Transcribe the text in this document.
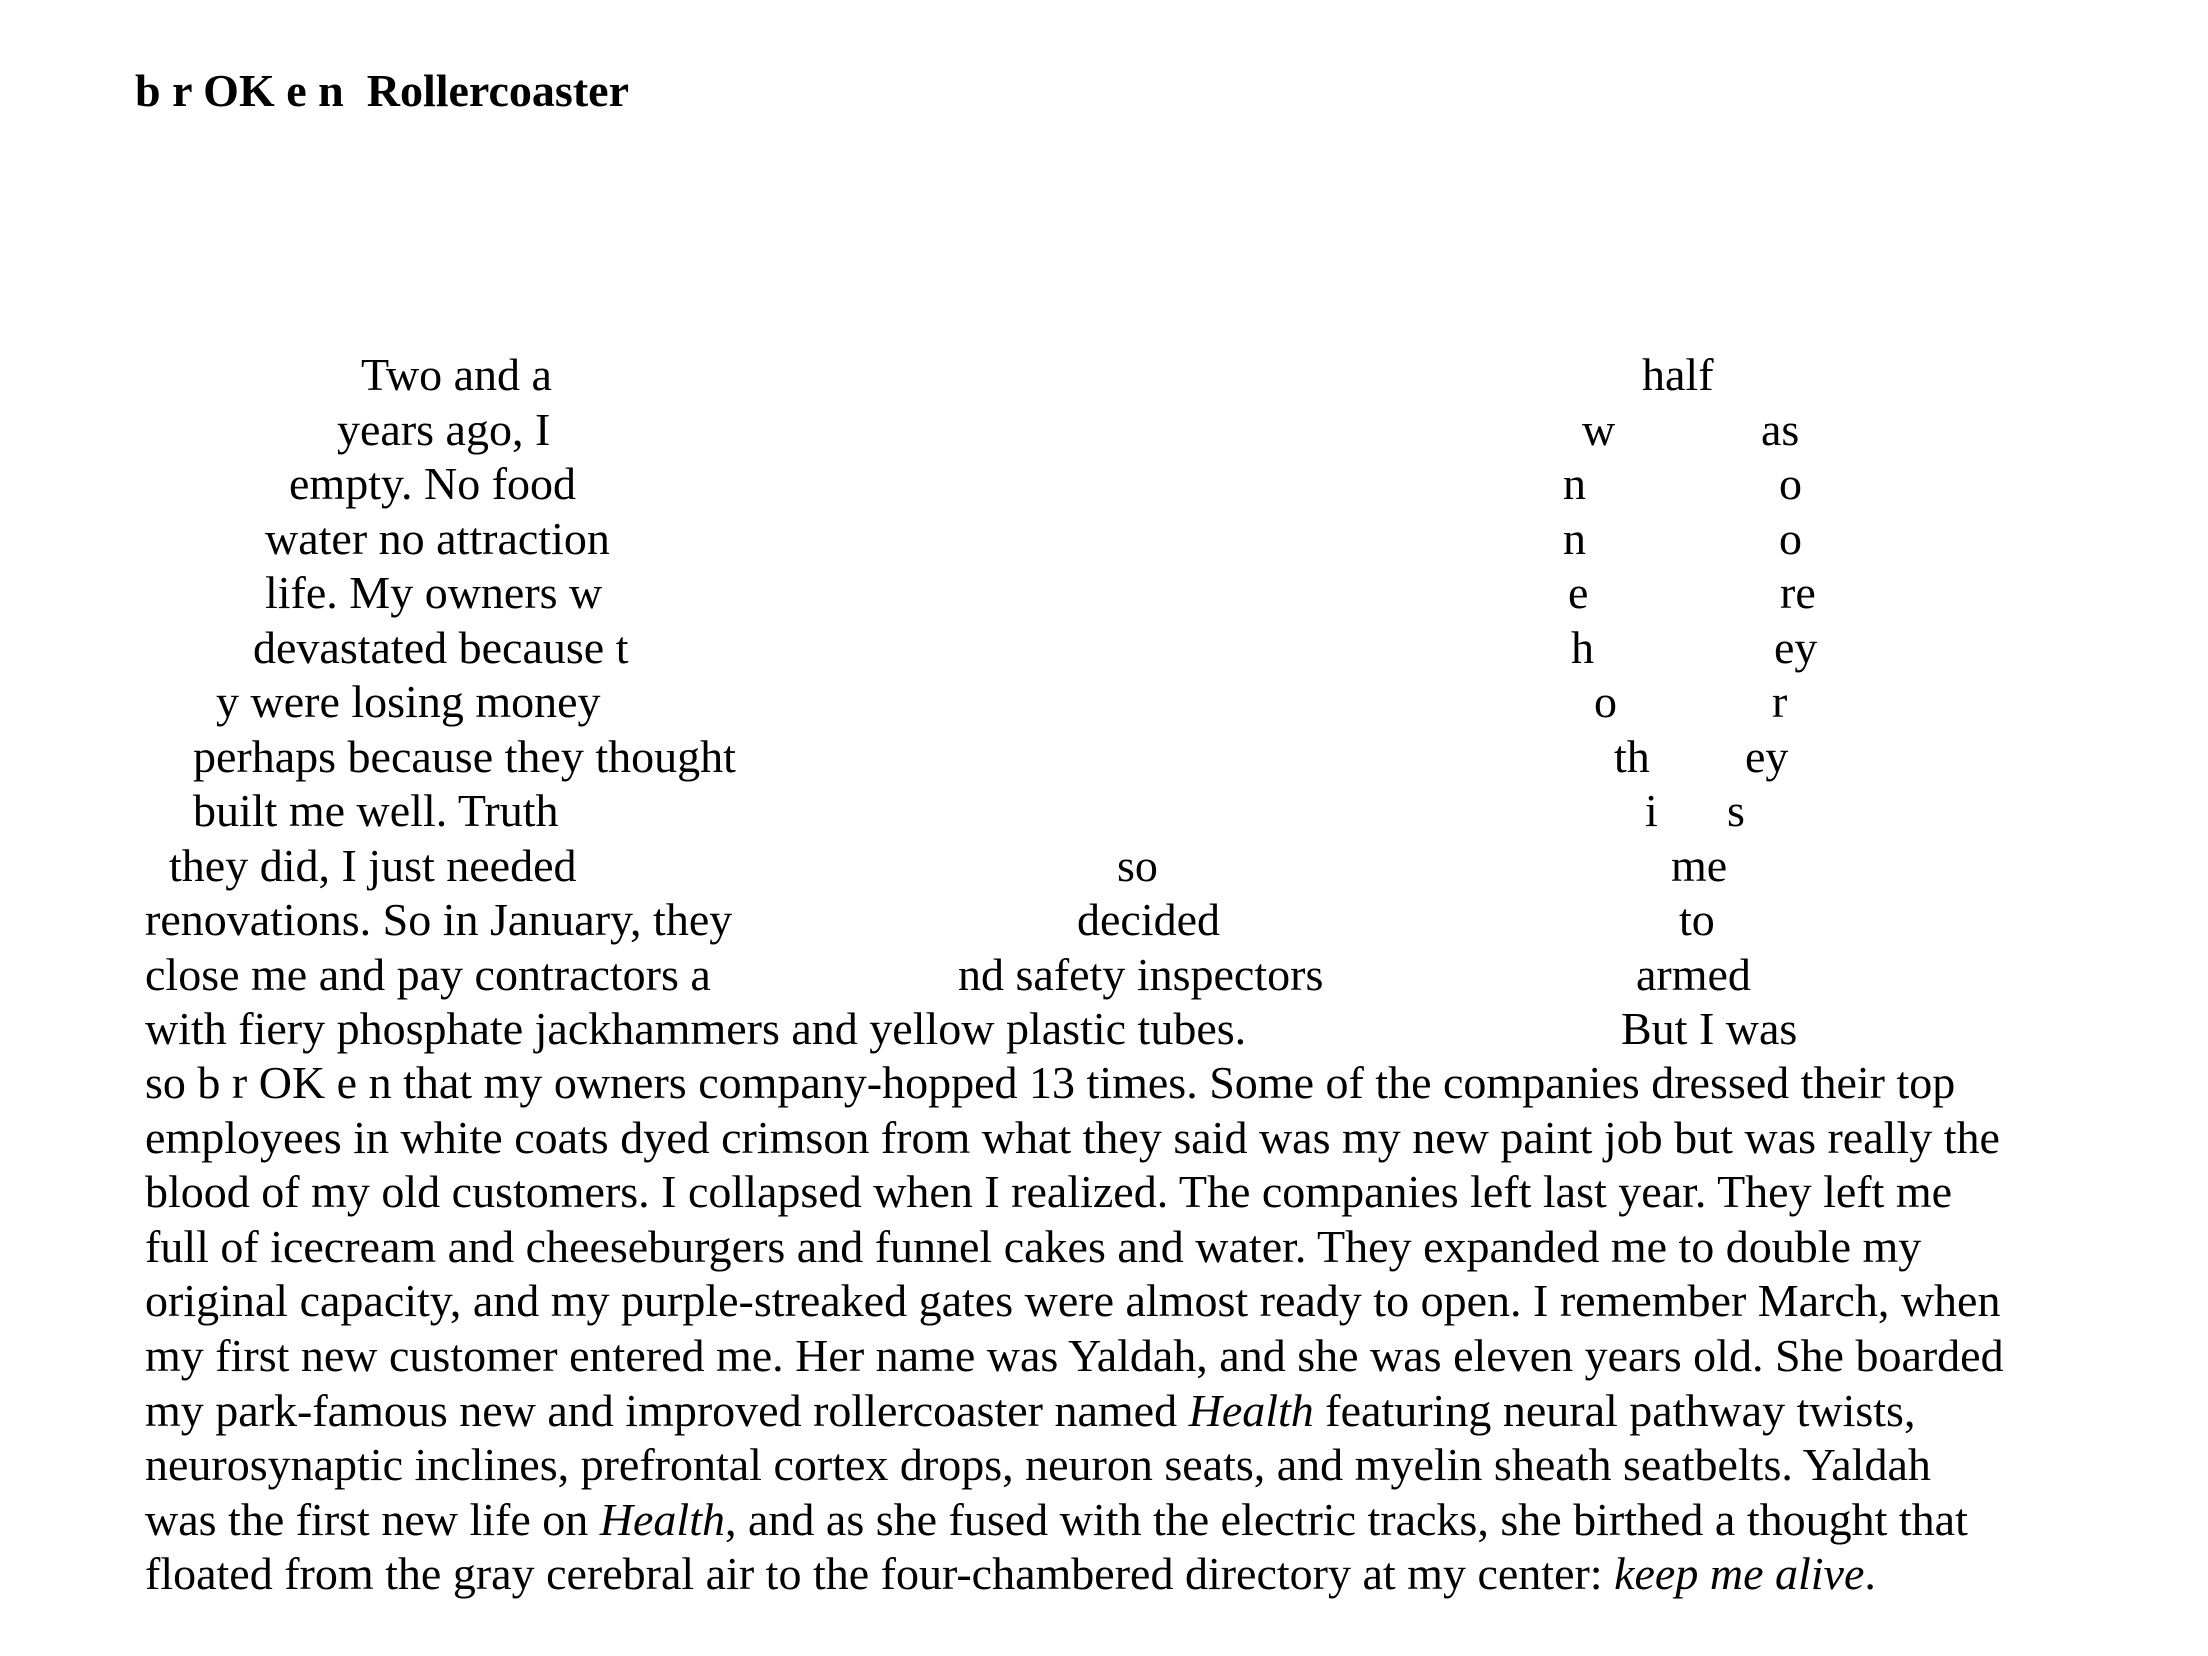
b r OK e n  Rollercoaster
Two and a
years ago, I
empty. No food
water no attraction
life. My owners w
devastated because t
y were losing money
perhaps because they thought
built me well. Truth
they did, I just needed
renovations. So in January, they
close me and pay contractors a
with fiery phosphate jackhammers and yellow plastic tubes.
so
decided
nd safety inspectors
half
w
n
n
e
h
o
th
i
me
to
armed
But I was
as
o
o
re
ey
r
ey
s
so b r OK e n that my owners company-hopped 13 times. Some of the companies dressed their top
employees in white coats dyed crimson from what they said was my new paint job but was really the
blood of my old customers. I collapsed when I realized. The companies left last year. They left me
full of icecream and cheeseburgers and funnel cakes and water. They expanded me to double my
original capacity, and my purple-streaked gates were almost ready to open. I remember March, when
my first new customer entered me. Her name was Yaldah, and she was eleven years old. She boarded
my park-famous new and improved rollercoaster named Health featuring neural pathway twists,
neurosynaptic inclines, prefrontal cortex drops, neuron seats, and myelin sheath seatbelts. Yaldah
was the first new life on Health, and as she fused with the electric tracks, she birthed a thought that
floated from the gray cerebral air to the four-chambered directory at my center: keep me alive.
